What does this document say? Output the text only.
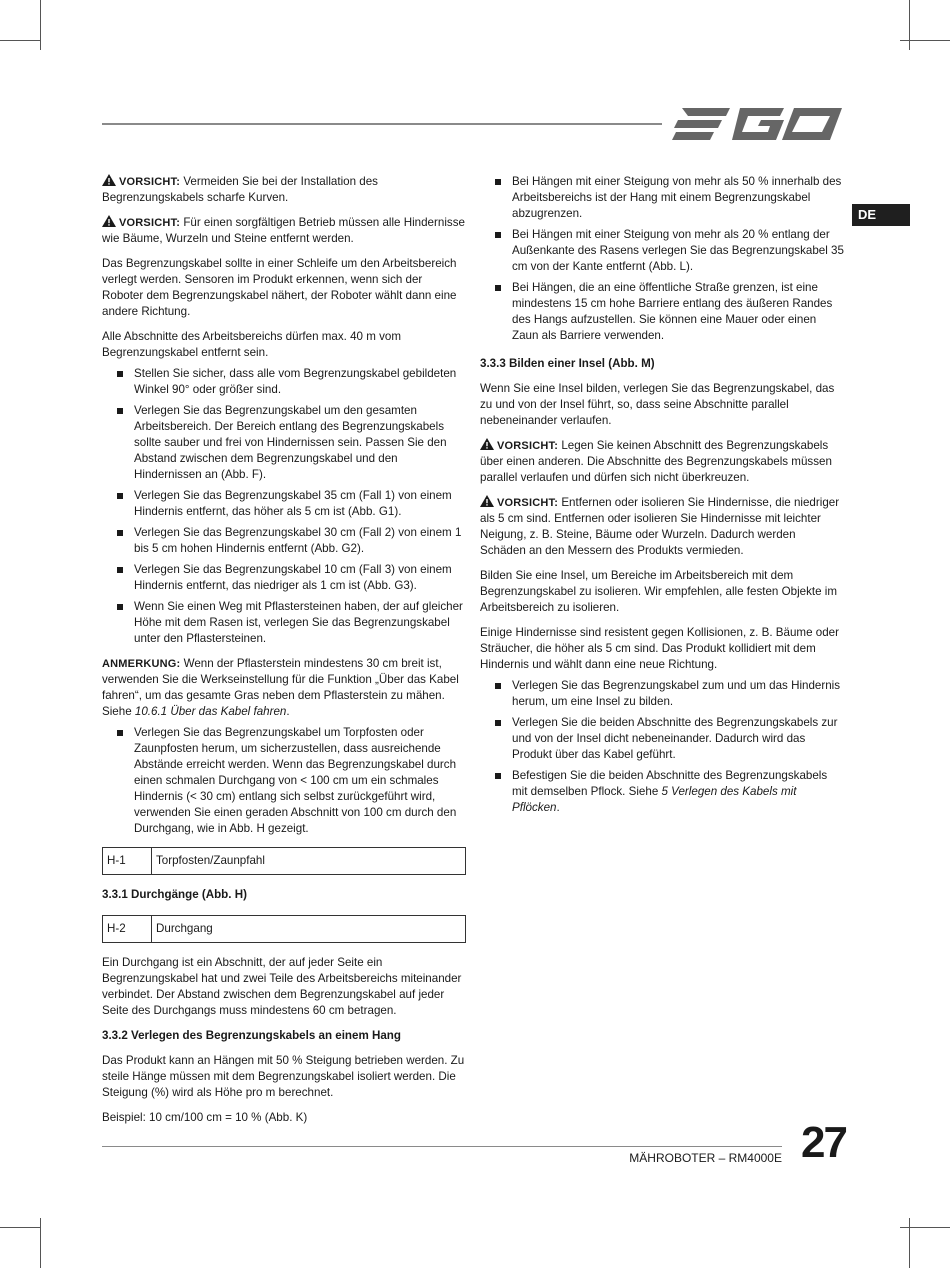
DE

VORSICHT: Vermeiden Sie bei der Installation des Begrenzungskabels scharfe Kurven.

VORSICHT: Für einen sorgfältigen Betrieb müssen alle Hindernisse wie Bäume, Wurzeln und Steine entfernt werden.

Das Begrenzungskabel sollte in einer Schleife um den Arbeitsbereich verlegt werden. Sensoren im Produkt erkennen, wenn sich der Roboter dem Begrenzungskabel nähert, der Roboter wählt dann eine andere Richtung.

Alle Abschnitte des Arbeitsbereichs dürfen max. 40 m vom Begrenzungskabel entfernt sein.

Stellen Sie sicher, dass alle vom Begrenzungskabel gebildeten Winkel 90° oder größer sind.
Verlegen Sie das Begrenzungskabel um den gesamten Arbeitsbereich. Der Bereich entlang des Begrenzungskabels sollte sauber und frei von Hindernissen sein. Passen Sie den Abstand zwischen dem Begrenzungskabel und den Hindernissen an (Abb. F).
Verlegen Sie das Begrenzungskabel 35 cm (Fall 1) von einem Hindernis entfernt, das höher als 5 cm ist (Abb. G1).
Verlegen Sie das Begrenzungskabel 30 cm (Fall 2) von einem 1 bis 5 cm hohen Hindernis entfernt (Abb. G2).
Verlegen Sie das Begrenzungskabel 10 cm (Fall 3) von einem Hindernis entfernt, das niedriger als 1 cm ist (Abb. G3).
Wenn Sie einen Weg mit Pflastersteinen haben, der auf gleicher Höhe mit dem Rasen ist, verlegen Sie das Begrenzungskabel unter den Pflastersteinen.

ANMERKUNG: Wenn der Pflasterstein mindestens 30 cm breit ist, verwenden Sie die Werkseinstellung für die Funktion „Über das Kabel fahren“, um das gesamte Gras neben dem Pflasterstein zu mähen. Siehe 10.6.1 Über das Kabel fahren.

Verlegen Sie das Begrenzungskabel um Torpfosten oder Zaunpfosten herum, um sicherzustellen, dass ausreichende Abstände erreicht werden. Wenn das Begrenzungskabel durch einen schmalen Durchgang von < 100 cm um ein schmales Hindernis (< 30 cm) entlang sich selbst zurückgeführt wird, verwenden Sie einen geraden Abschnitt von 100 cm durch den Durchgang, wie in Abb. H gezeigt.
H-1	Torpfosten/Zaunpfahl

3.3.1 Durchgänge (Abb. H)

H-2	Durchgang

Ein Durchgang ist ein Abschnitt, der auf jeder Seite ein Begrenzungskabel hat und zwei Teile des Arbeitsbereichs miteinander verbindet. Der Abstand zwischen dem Begrenzungskabel auf jeder Seite des Durchgangs muss mindestens 60 cm betragen.

3.3.2 Verlegen des Begrenzungskabels an einem Hang

Das Produkt kann an Hängen mit 50 % Steigung betrieben werden. Zu steile Hänge müssen mit dem Begrenzungskabel isoliert werden. Die Steigung (%) wird als Höhe pro m berechnet.

Beispiel: 10 cm/100 cm = 10 % (Abb. K)

Bei Hängen mit einer Steigung von mehr als 50 % innerhalb des Arbeitsbereichs ist der Hang mit einem Begrenzungskabel abzugrenzen.
Bei Hängen mit einer Steigung von mehr als 20 % entlang der Außenkante des Rasens verlegen Sie das Begrenzungskabel 35 cm von der Kante entfernt (Abb. L).
Bei Hängen, die an eine öffentliche Straße grenzen, ist eine mindestens 15 cm hohe Barriere entlang des äußeren Randes des Hangs aufzustellen. Sie können eine Mauer oder einen Zaun als Barriere verwenden.

3.3.3 Bilden einer Insel (Abb. M)

Wenn Sie eine Insel bilden, verlegen Sie das Begrenzungskabel, das zu und von der Insel führt, so, dass seine Abschnitte parallel nebeneinander verlaufen.

VORSICHT: Legen Sie keinen Abschnitt des Begrenzungskabels über einen anderen. Die Abschnitte des Begrenzungskabels müssen parallel verlaufen und dürfen sich nicht überkreuzen.

VORSICHT: Entfernen oder isolieren Sie Hindernisse, die niedriger als 5 cm sind. Entfernen oder isolieren Sie Hindernisse mit leichter Neigung, z. B. Steine, Bäume oder Wurzeln. Dadurch werden Schäden an den Messern des Produkts vermieden.

Bilden Sie eine Insel, um Bereiche im Arbeitsbereich mit dem Begrenzungskabel zu isolieren. Wir empfehlen, alle festen Objekte im Arbeitsbereich zu isolieren.

Einige Hindernisse sind resistent gegen Kollisionen, z. B. Bäume oder Sträucher, die höher als 5 cm sind. Das Produkt kollidiert mit dem Hindernis und wählt dann eine neue Richtung.

Verlegen Sie das Begrenzungskabel zum und um das Hindernis herum, um eine Insel zu bilden.
Verlegen Sie die beiden Abschnitte des Begrenzungskabels zur und von der Insel dicht nebeneinander. Dadurch wird das Produkt über das Kabel geführt.
Befestigen Sie die beiden Abschnitte des Begrenzungskabels mit demselben Pflock. Siehe 5 Verlegen des Kabels mit Pflöcken.
MÄHROBOTER – RM4000E 27
